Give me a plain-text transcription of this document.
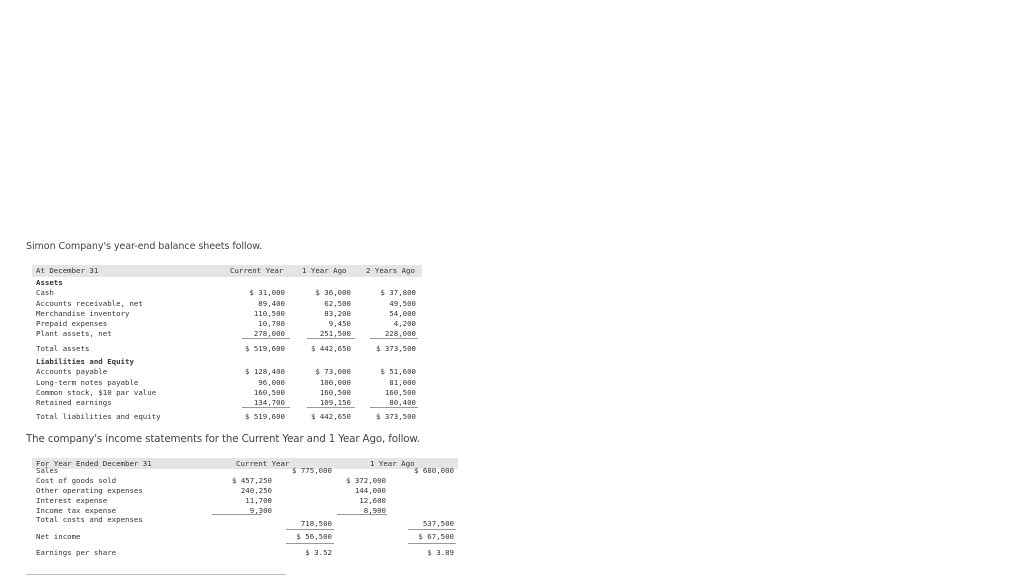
Simon Company's year-end balance sheets follow.
At December 31	Current Year	1 Year Ago	2 Years Ago
Assets
Cash	$ 31,000	$ 36,000	$ 37,800
Accounts receivable, net	89,400	62,500	49,500
Merchandise inventory	110,500	83,200	54,000
Prepaid expenses	10,700	9,450	4,200
Plant assets, net	278,000	251,500	228,000
Total assets	$ 519,600	$ 442,650	$ 373,500
Liabilities and Equity
Accounts payable	$ 128,400	$ 73,000	$ 51,600
Long-term notes payable	96,000	100,000	81,000
Common stock, $10 par value	160,500	160,500	160,500
Retained earnings	134,700	109,150	80,400
Total liabilities and equity	$ 519,600	$ 442,650	$ 373,500
The company's income statements for the Current Year and 1 Year Ago, follow.
For Year Ended December 31	Current Year	1 Year Ago
Sales	$ 775,000	$ 680,000
Cost of goods sold	$ 457,250	$ 372,000
Other operating expenses	240,250	144,000
Interest expense	11,700	12,600
Income tax expense	9,300	8,900
Total costs and expenses	718,500	537,500
Net income	$ 56,500	$ 67,500
Earnings per share	$ 3.52	$ 3.89
